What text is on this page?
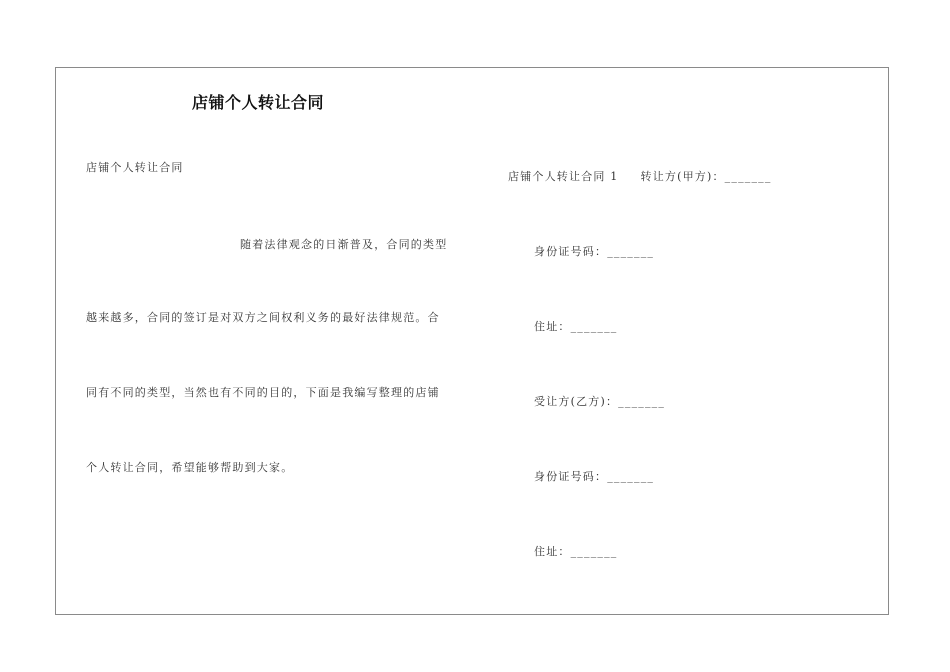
店铺个人转让合同
店铺个人转让合同
随着法律观念的日渐普及，合同的类型
越来越多，合同的签订是对双方之间权利义务的最好法律规范。合
同有不同的类型，当然也有不同的目的，下面是我编写整理的店铺
个人转让合同，希望能够帮助到大家。
店铺个人转让合同 1 转让方(甲方)：_______
身份证号码：_______
住址：_______
受让方(乙方)：_______
身份证号码：_______
住址：_______
